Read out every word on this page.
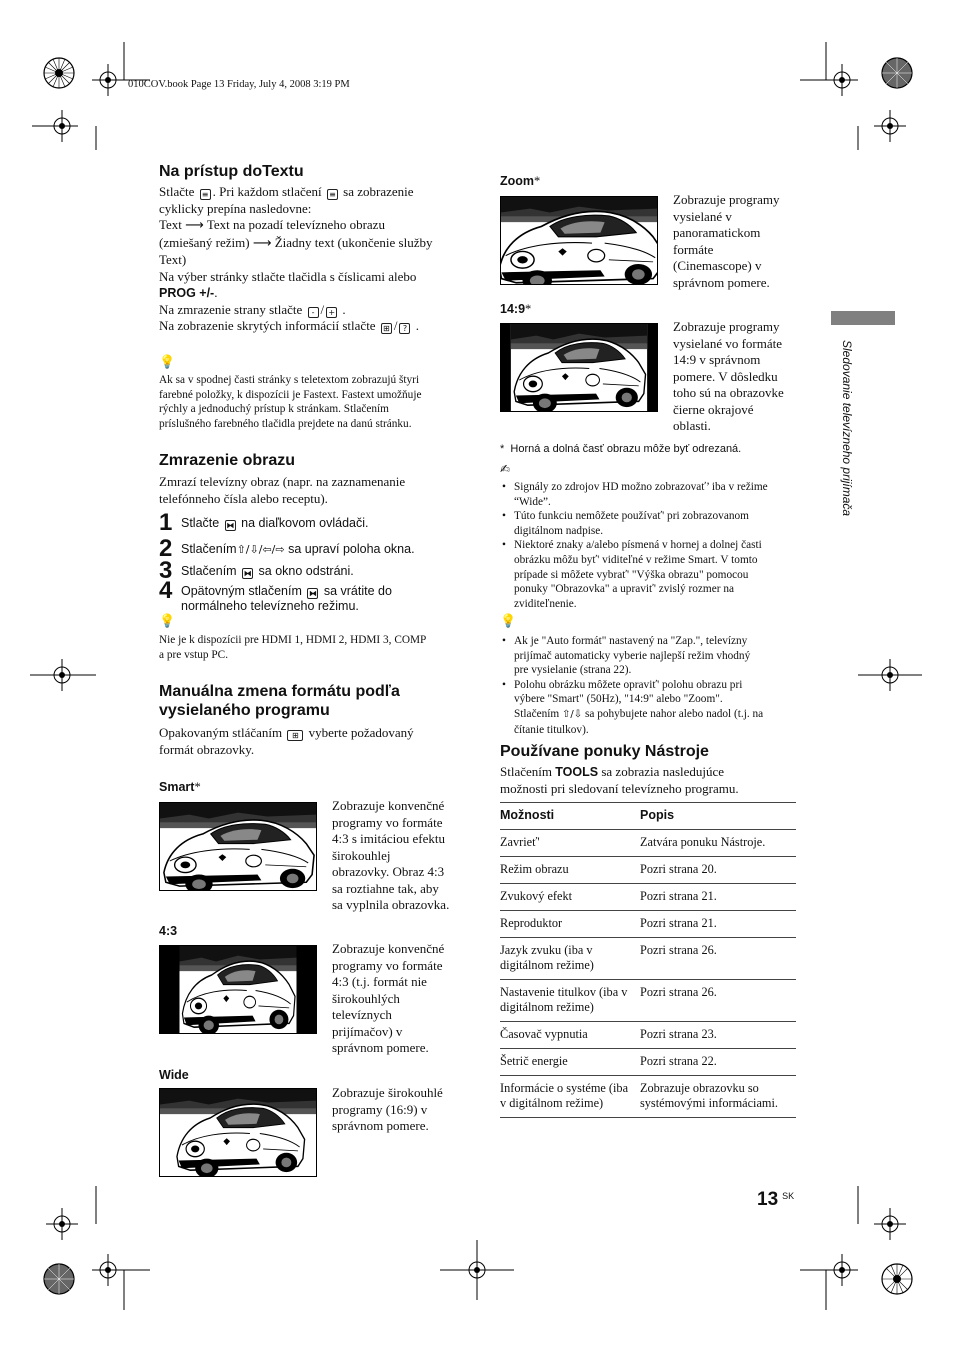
010COV.book Page 13 Friday, July 4, 2008 3:19 PM
Sledovanie televízneho prijímača
Na prístup doTextu
Stlačte ≡ . Pri každom stlačení ≡ sa zobrazenie
cyklicky prepína nasledovne:
Text ⟶ Text na pozadí televízneho obrazu
(zmiešaný režim) ⟶ Žiadny text (ukončenie služby
Text)
Na výber stránky stlačte tlačidla s číslicami alebo
PROG +/-.
Na zmrazenie strany stlačte - / + .
Na zobrazenie skrytých informácií stlačte ⊞ / ? .
💡
Ak sa v spodnej časti stránky s teletextom zobrazujú štyri
farebné položky, k dispozícii je Fastext. Fastext umožňuje
rýchly a jednoduchý prístup k stránkam. Stlačením
príslušného farebného tlačidla prejdete na danú stránku.
Zmrazenie obrazu
Zmrazí televízny obraz (napr. na zaznamenanie
telefónneho čísla alebo receptu).
1 Stlačte ⧓ na diaľkovom ovládači.
2 Stlačením⇧/⇩/⇦/⇨ sa upraví poloha okna.
3 Stlačením ⧓ sa okno odstráni.
4 Opätovným stlačením ⧓ sa vrátite do
normálneho televízneho režimu.
💡
Nie je k dispozícii pre HDMI 1, HDMI 2, HDMI 3, COMP
a pre vstup PC.
Manuálna zmena formátu podľa
vysielaného programu
Opakovaným stláčaním ⊞ vyberte požadovaný
formát obrazovky.
Smart*
Zobrazuje konvenčné
programy vo formáte
4:3 s imitáciou efektu
širokouhlej
obrazovky. Obraz 4:3
sa roztiahne tak, aby
sa vyplnila obrazovka.
4:3
Zobrazuje konvenčné
programy vo formáte
4:3 (t.j. formát nie
širokouhlých
televíznych
prijímačov) v
správnom pomere.
Wide
Zobrazuje širokouhlé
programy (16:9) v
správnom pomere.
Zoom*
Zobrazuje programy
vysielané v
panoramatickom
formáte
(Cinemascope) v
správnom pomere.
14:9*
Zobrazuje programy
vysielané vo formáte
14:9 v správnom
pomere. V dôsledku
toho sú na obrazovke
čierne okrajové
oblasti.
* Horná a dolná časť obrazu môže byť odrezaná.
✍
• Signály zo zdrojov HD možno zobrazovať’ iba v režime
“Wide”.
• Túto funkciu nemôžete používať' pri zobrazovanom
digitálnom nadpise.
• Niektoré znaky a/alebo písmená v hornej a dolnej časti
obrázku môžu byť' viditeľné v režime Smart. V tomto
prípade si môžete vybrať' "Výška obrazu" pomocou
ponuky "Obrazovka" a upraviť' zvislý rozmer na
zviditeľnenie.
💡
• Ak je "Auto formát" nastavený na "Zap.", televízny
prijímač automaticky vyberie najlepší režim vhodný
pre vysielanie (strana 22).
• Polohu obrázku môžete opraviť' polohu obrazu pri
výbere "Smart" (50Hz), "14:9" alebo "Zoom".
Stlačením ⇧/⇩ sa pohybujete nahor alebo nadol (t.j. na
čítanie titulkov).
Používane ponuky Nástroje
Stlačením TOOLS sa zobrazia nasledujúce
možnosti pri sledovaní televízneho programu.
Možnosti	Popis
Zavrieť'	Zatvára ponuku Nástroje.
Režim obrazu	Pozri strana 20.
Zvukový efekt	Pozri strana 21.
Reproduktor	Pozri strana 21.
Jazyk zvuku (iba v digitálnom režime)	Pozri strana 26.
Nastavenie titulkov (iba v digitálnom režime)	Pozri strana 26.
Časovač vypnutia	Pozri strana 23.
Šetrič energie	Pozri strana 22.
Informácie o systéme (iba v digitálnom režime)	Zobrazuje obrazovku so systémovými informáciami.
13 $^{SK}$
